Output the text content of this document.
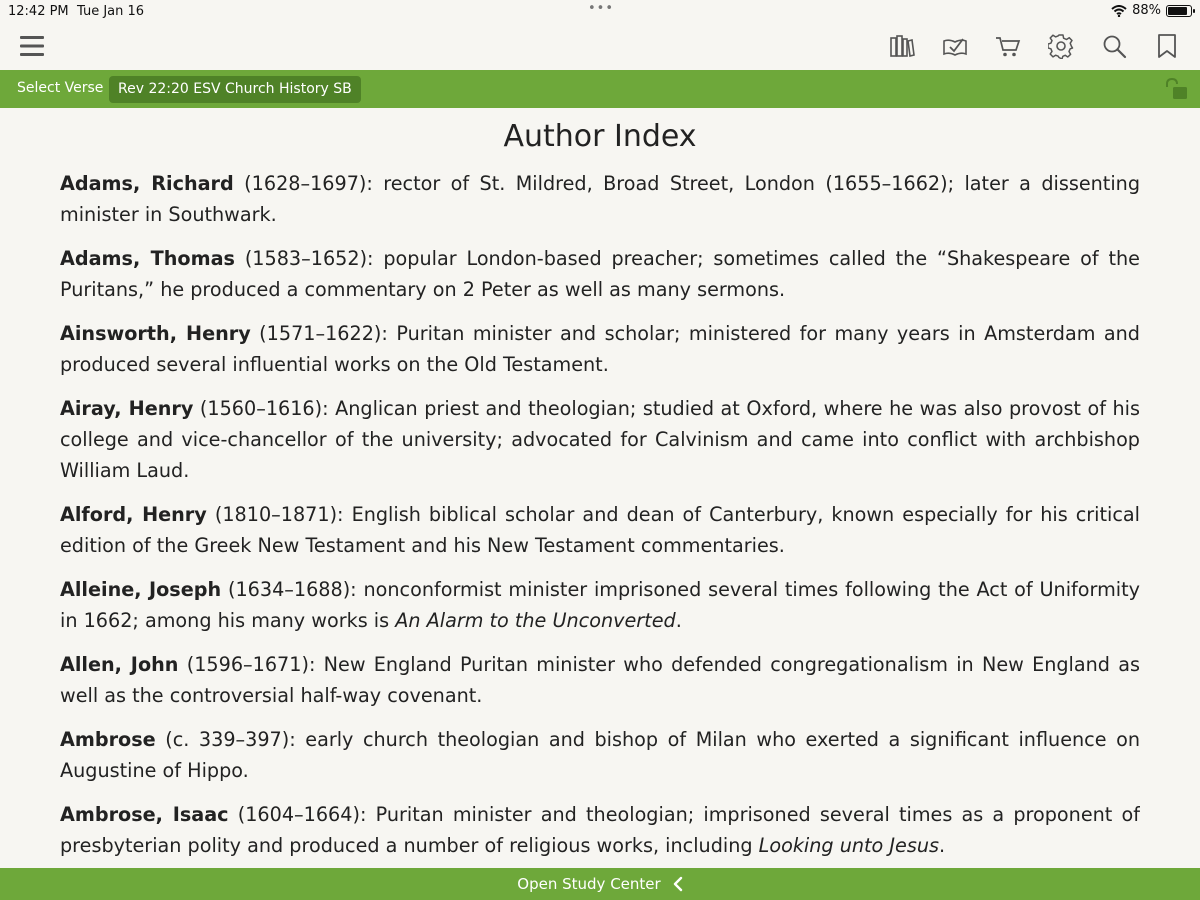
12:42 PM Tue Jan 16	•••	88%
Select Verse	Rev 22:20 ESV Church History SB
Author Index

Adams, Richard (1628–1697): rector of St. Mildred, Broad Street, London (1655–1662); later a dissenting minister in Southwark.

Adams, Thomas (1583–1652): popular London-based preacher; sometimes called the “Shakespeare of the Puritans,” he produced a commentary on 2 Peter as well as many sermons.

Ainsworth, Henry (1571–1622): Puritan minister and scholar; ministered for many years in Amsterdam and produced several influential works on the Old Testament.

Airay, Henry (1560–1616): Anglican priest and theologian; studied at Oxford, where he was also provost of his college and vice-chancellor of the university; advocated for Calvinism and came into conflict with archbishop William Laud.

Alford, Henry (1810–1871): English biblical scholar and dean of Canterbury, known especially for his critical edition of the Greek New Testament and his New Testament commentaries.

Alleine, Joseph (1634–1688): nonconformist minister imprisoned several times following the Act of Uniformity in 1662; among his many works is An Alarm to the Unconverted.

Allen, John (1596–1671): New England Puritan minister who defended congregationalism in New England as well as the controversial half-way covenant.

Ambrose (c. 339–397): early church theologian and bishop of Milan who exerted a significant influence on Augustine of Hippo.

Ambrose, Isaac (1604–1664): Puritan minister and theologian; imprisoned several times as a proponent of presbyterian polity and produced a number of religious works, including Looking unto Jesus.

Open Study Center
